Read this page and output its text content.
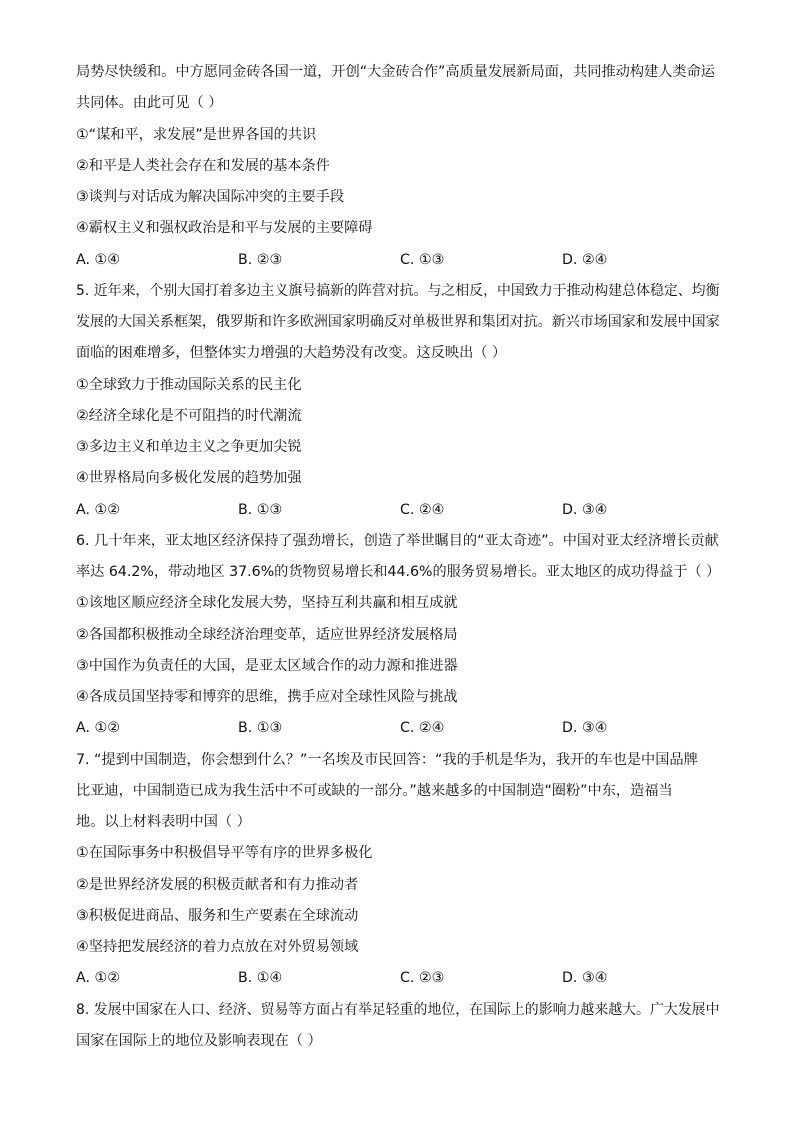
局势尽快缓和。中方愿同金砖各国一道，开创“大金砖合作”高质量发展新局面，共同推动构建人类命运
共同体。由此可见（ ）
①“谋和平，求发展”是世界各国的共识
②和平是人类社会存在和发展的基本条件
③谈判与对话成为解决国际冲突的主要手段
④霸权主义和强权政治是和平与发展的主要障碍
A. ①④	B. ②③	C. ①③	D. ②④
5. 近年来，个别大国打着多边主义旗号搞新的阵营对抗。与之相反，中国致力于推动构建总体稳定、均衡
发展的大国关系框架，俄罗斯和许多欧洲国家明确反对单极世界和集团对抗。新兴市场国家和发展中国家
面临的困难增多，但整体实力增强的大趋势没有改变。这反映出（ ）
①全球致力于推动国际关系的民主化
②经济全球化是不可阻挡的时代潮流
③多边主义和单边主义之争更加尖锐
④世界格局向多极化发展的趋势加强
A. ①②	B. ①③	C. ②④	D. ③④
6. 几十年来，亚太地区经济保持了强劲增长，创造了举世瞩目的“亚太奇迹”。中国对亚太经济增长贡献
率达 64.2%，带动地区 37.6%的货物贸易增长和44.6%的服务贸易增长。亚太地区的成功得益于（ ）
①该地区顺应经济全球化发展大势，坚持互利共赢和相互成就
②各国都积极推动全球经济治理变革，适应世界经济发展格局
③中国作为负责任的大国，是亚太区域合作的动力源和推进器
④各成员国坚持零和博弈的思维，携手应对全球性风险与挑战
A. ①②	B. ①③	C. ②④	D. ③④
7. “提到中国制造，你会想到什么？”一名埃及市民回答：“我的手机是华为，我开的车也是中国品牌
比亚迪，中国制造已成为我生活中不可或缺的一部分。”越来越多的中国制造“圈粉”中东，造福当
地。以上材料表明中国（ ）
①在国际事务中积极倡导平等有序的世界多极化
②是世界经济发展的积极贡献者和有力推动者
③积极促进商品、服务和生产要素在全球流动
④坚持把发展经济的着力点放在对外贸易领域
A. ①②	B. ①④	C. ②③	D. ③④
8. 发展中国家在人口、经济、贸易等方面占有举足轻重的地位，在国际上的影响力越来越大。广大发展中
国家在国际上的地位及影响表现在（ ）
